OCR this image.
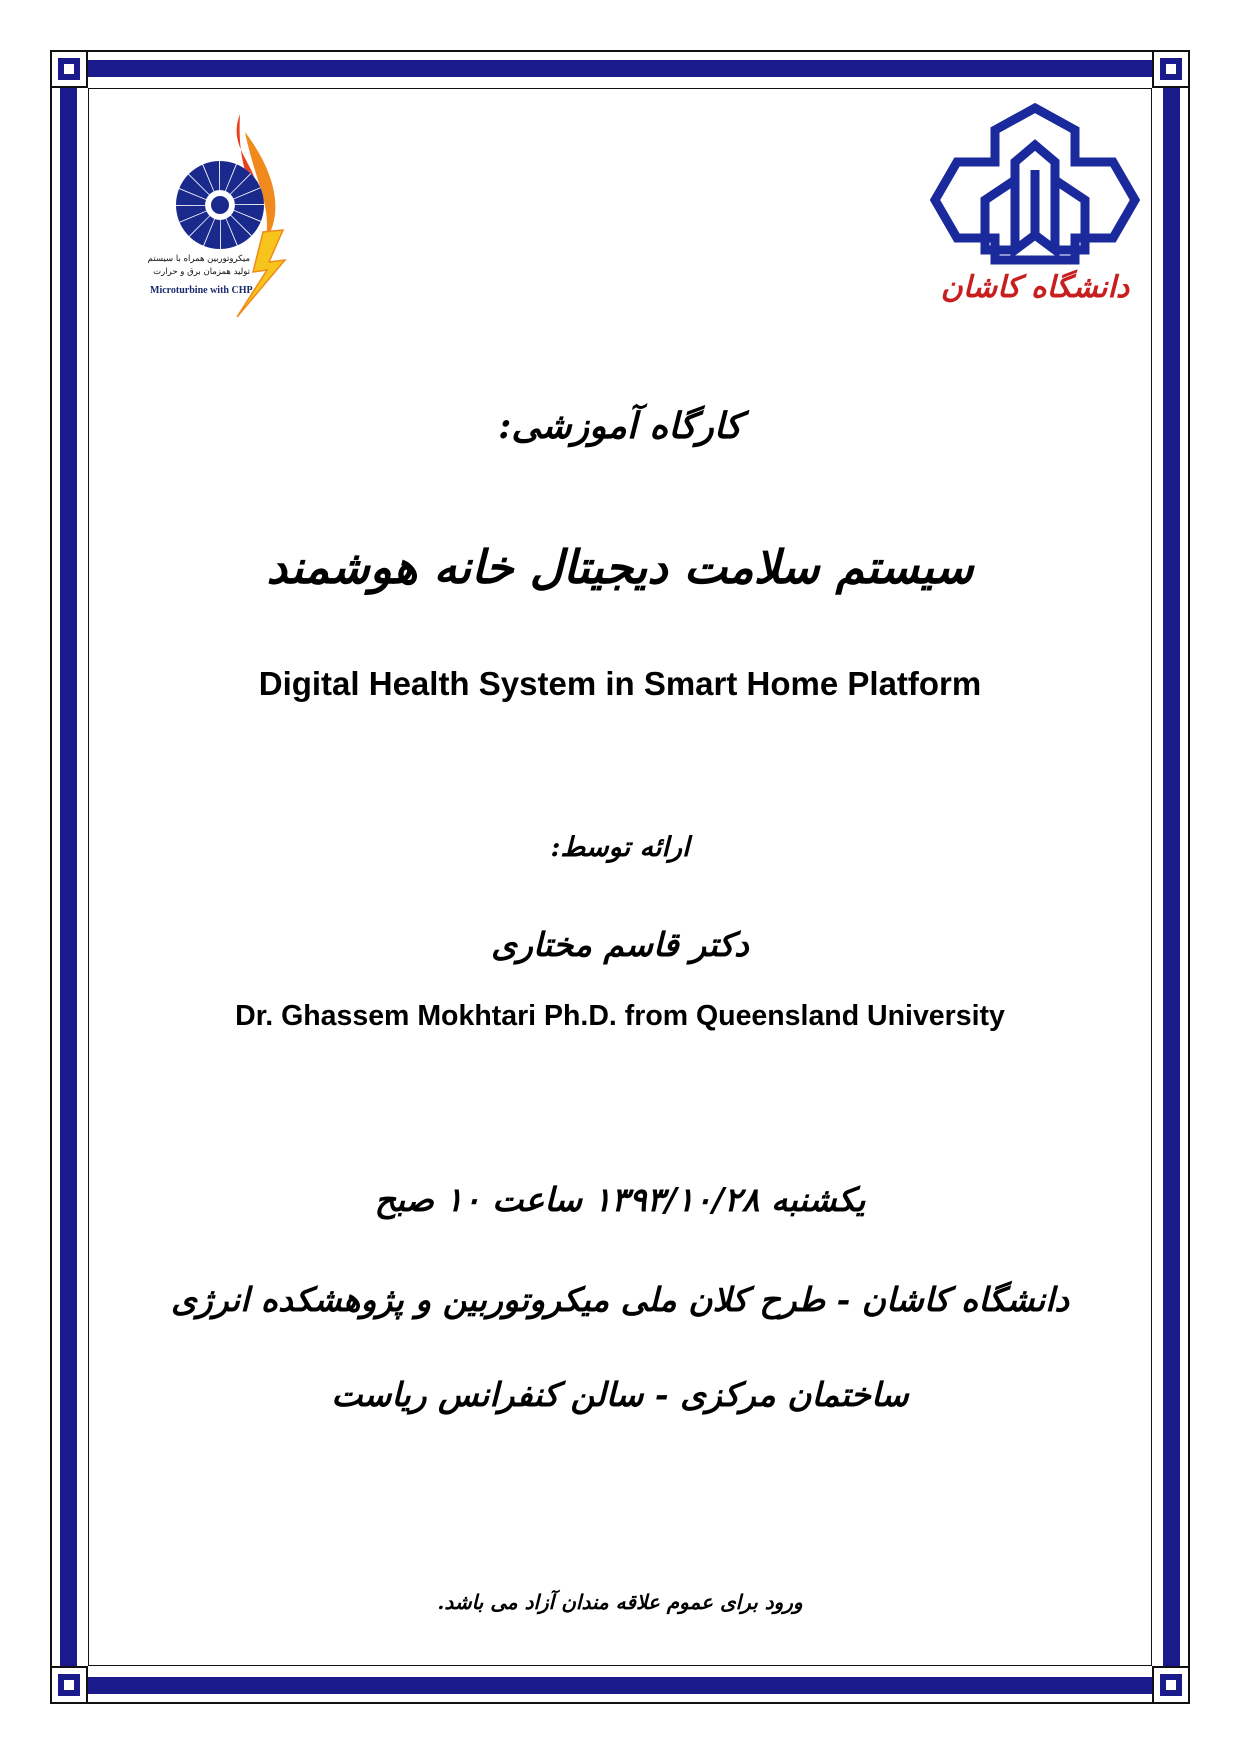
میکروتوربین همراه با سیستم
تولید همزمان برق و حرارت
Microturbine with CHP	دانشگاه کاشان
کارگاه آموزشی:
سیستم سلامت دیجیتال خانه هوشمند
Digital Health System in Smart Home Platform
ارائه توسط:
دکتر قاسم مختاری
Dr. Ghassem Mokhtari Ph.D. from Queensland University
یکشنبه ۱۳۹۳/۱۰/۲۸ ساعت ۱۰ صبح
دانشگاه کاشان - طرح کلان ملی میکروتوربین و پژوهشکده انرژی
ساختمان مرکزی - سالن کنفرانس ریاست
ورود برای عموم علاقه مندان آزاد می باشد.
